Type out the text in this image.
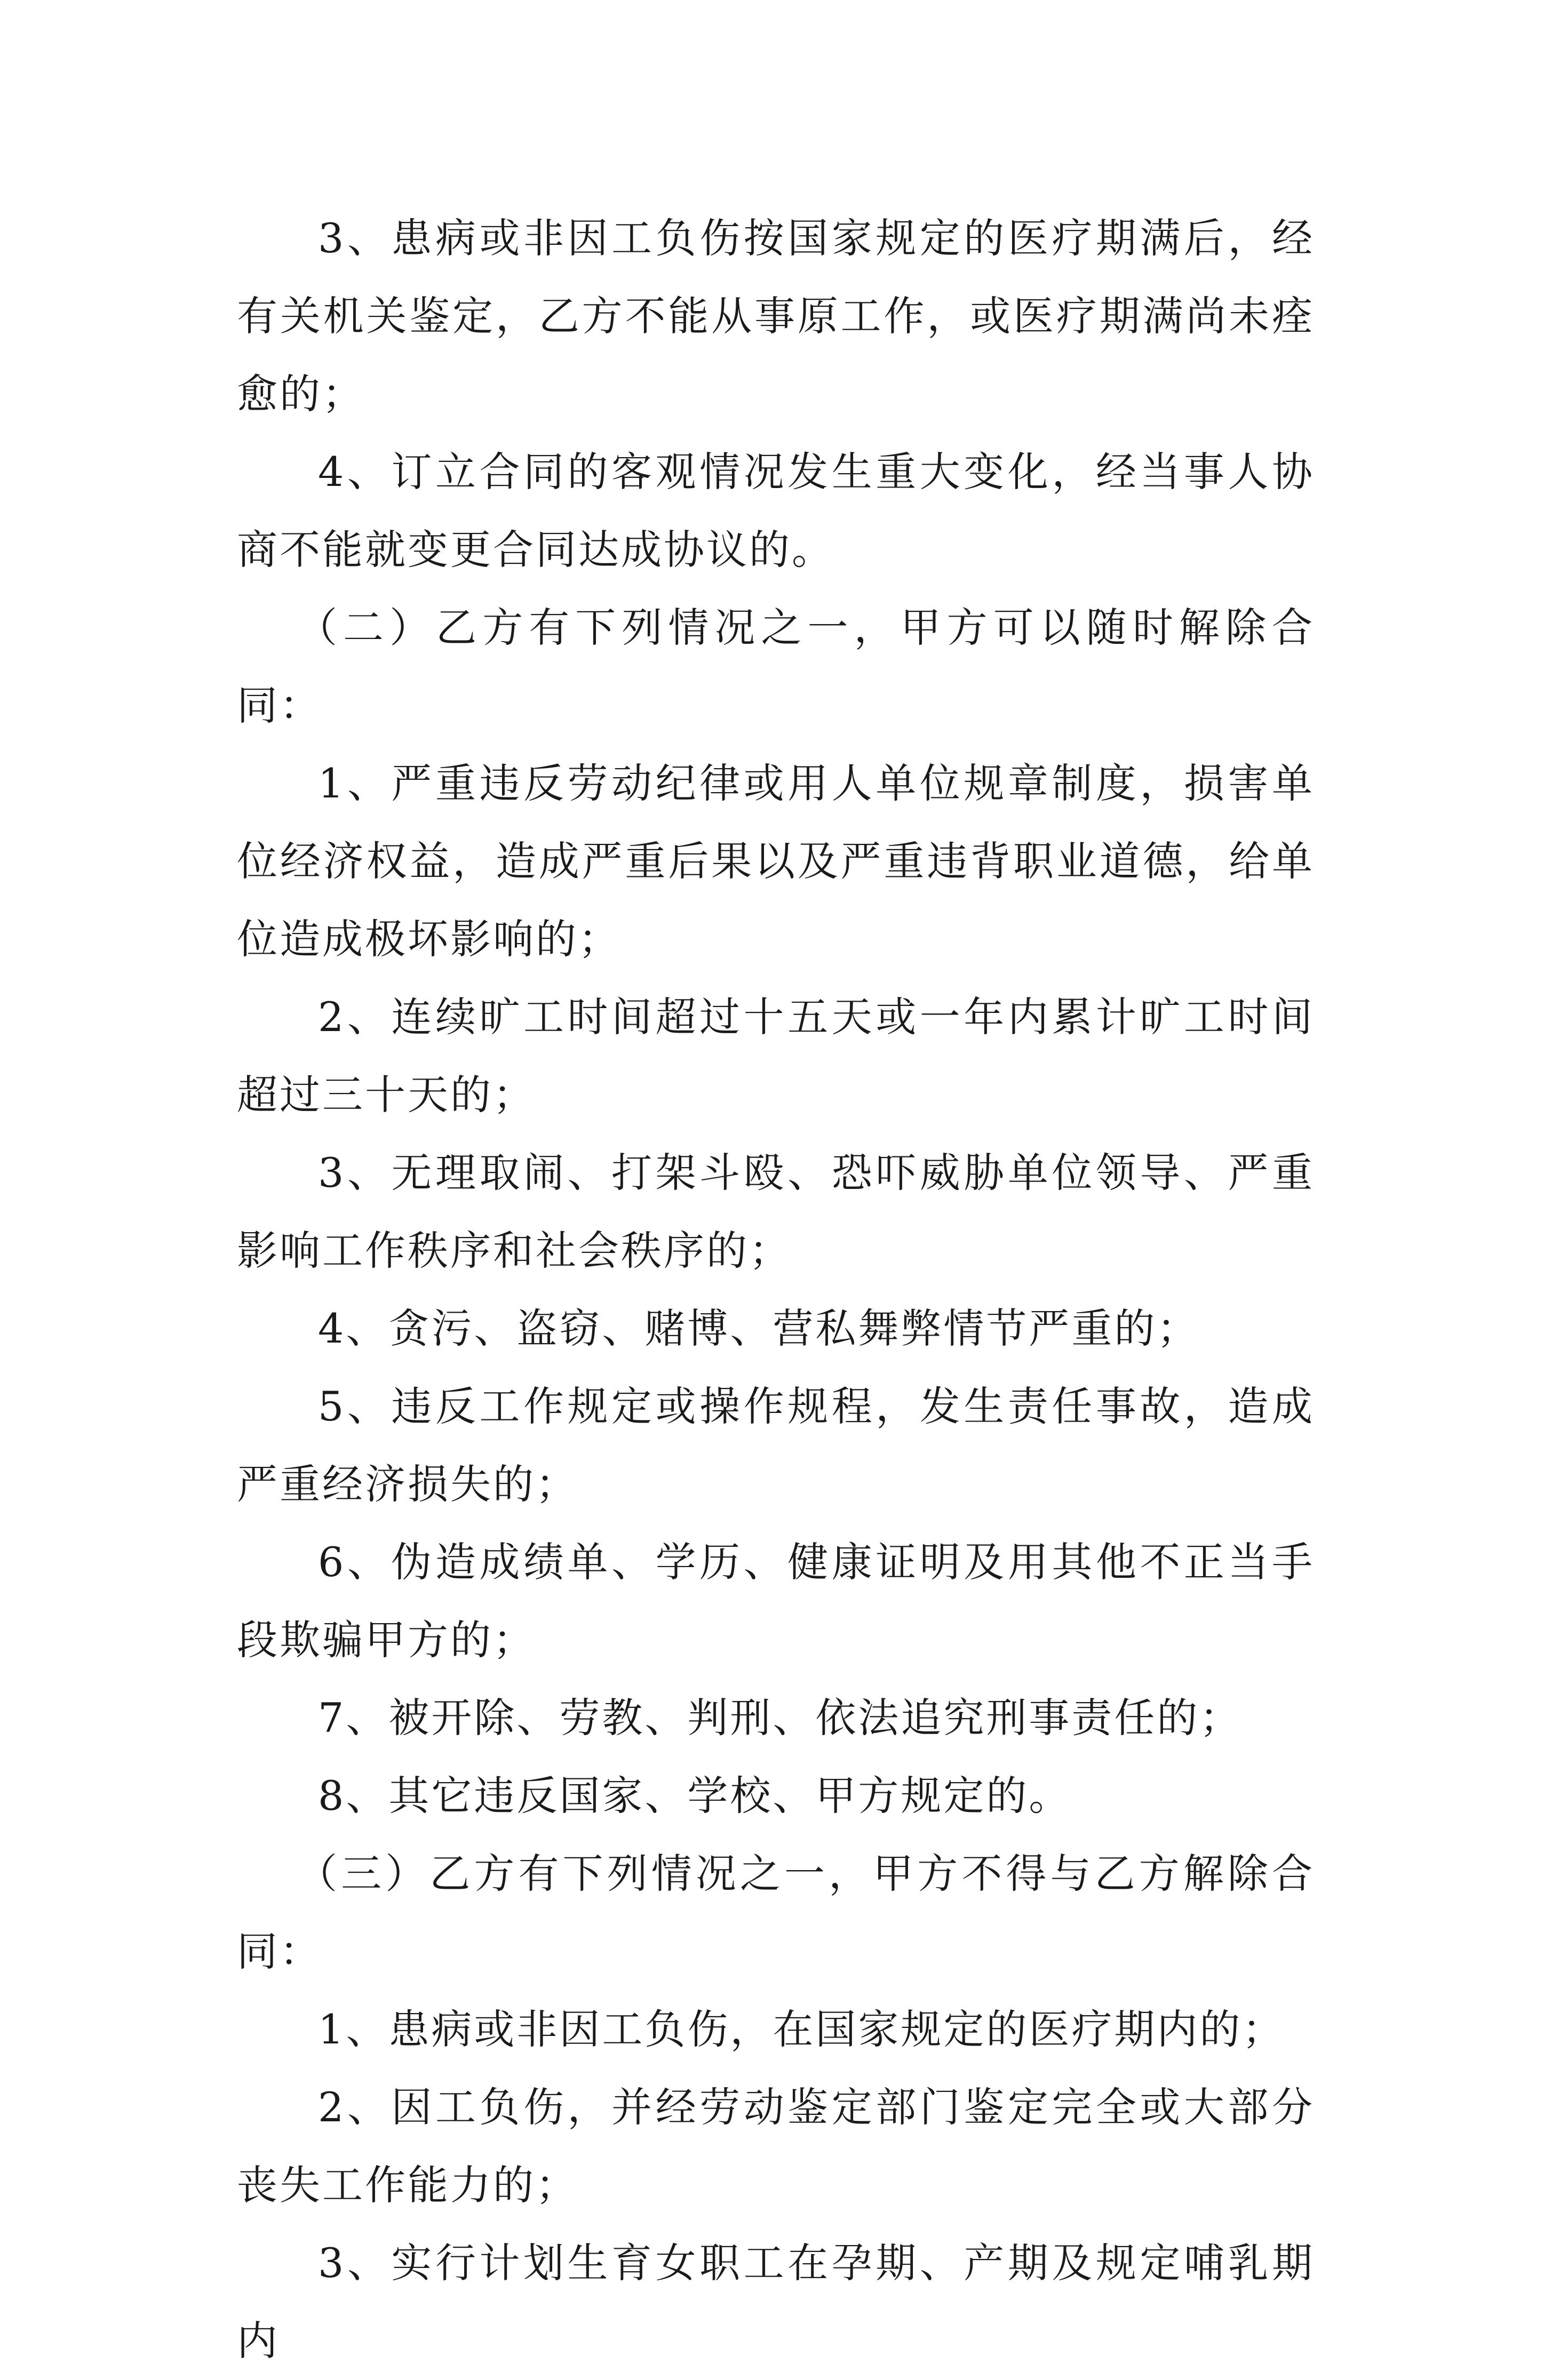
3、患病或非因工负伤按国家规定的医疗期满后，经有关机关鉴定，乙方不能从事原工作，或医疗期满尚未痊愈的；

4、订立合同的客观情况发生重大变化，经当事人协商不能就变更合同达成协议的。

（二）乙方有下列情况之一，甲方可以随时解除合同：

1、严重违反劳动纪律或用人单位规章制度，损害单位经济权益，造成严重后果以及严重违背职业道德，给单位造成极坏影响的；

2、连续旷工时间超过十五天或一年内累计旷工时间超过三十天的；

3、无理取闹、打架斗殴、恐吓威胁单位领导、严重影响工作秩序和社会秩序的；

4、贪污、盗窃、赌博、营私舞弊情节严重的；

5、违反工作规定或操作规程，发生责任事故，造成严重经济损失的；

6、伪造成绩单、学历、健康证明及用其他不正当手段欺骗甲方的；

7、被开除、劳教、判刑、依法追究刑事责任的；

8、其它违反国家、学校、甲方规定的。

（三）乙方有下列情况之一，甲方不得与乙方解除合同：

1、患病或非因工负伤，在国家规定的医疗期内的；

2、因工负伤，并经劳动鉴定部门鉴定完全或大部分丧失工作能力的；

3、实行计划生育女职工在孕期、产期及规定哺乳期内
